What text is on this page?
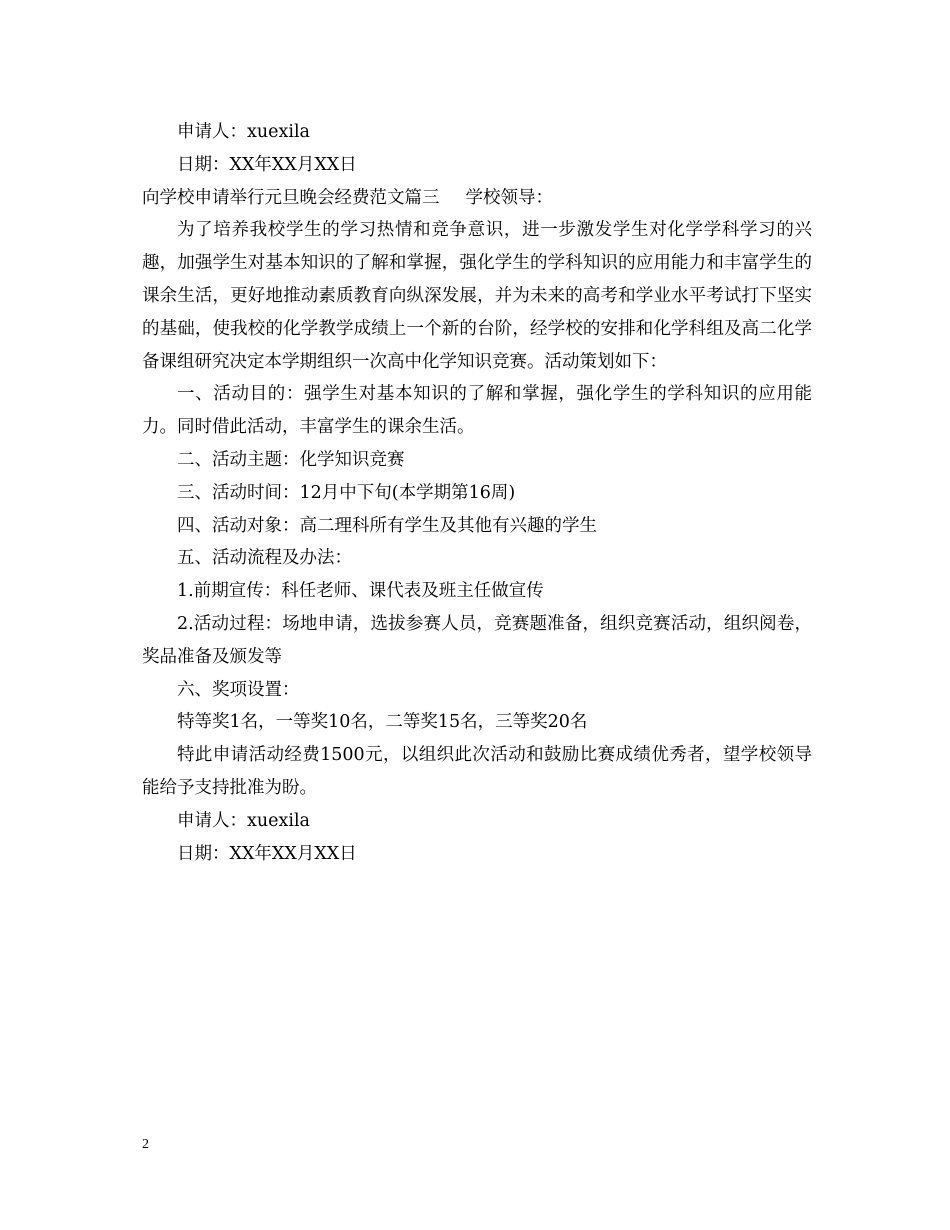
申请人：xuexila

日期：XX年XX月XX日

向学校申请举行元旦晚会经费范文篇三 学校领导：

为了培养我校学生的学习热情和竞争意识，进一步激发学生对化学学科学习的兴趣，加强学生对基本知识的了解和掌握，强化学生的学科知识的应用能力和丰富学生的课余生活，更好地推动素质教育向纵深发展，并为未来的高考和学业水平考试打下坚实的基础，使我校的化学教学成绩上一个新的台阶，经学校的安排和化学科组及高二化学备课组研究决定本学期组织一次高中化学知识竞赛。活动策划如下：

一、活动目的：强学生对基本知识的了解和掌握，强化学生的学科知识的应用能力。同时借此活动，丰富学生的课余生活。

二、活动主题：化学知识竞赛

三、活动时间：12月中下旬(本学期第16周)

四、活动对象：高二理科所有学生及其他有兴趣的学生

五、活动流程及办法：

1.前期宣传：科任老师、课代表及班主任做宣传

2.活动过程：场地申请，选拔参赛人员，竞赛题准备，组织竞赛活动，组织阅卷，奖品准备及颁发等

六、奖项设置：

特等奖1名，一等奖10名，二等奖15名，三等奖20名

特此申请活动经费1500元，以组织此次活动和鼓励比赛成绩优秀者，望学校领导能给予支持批准为盼。

申请人：xuexila

日期：XX年XX月XX日

2
